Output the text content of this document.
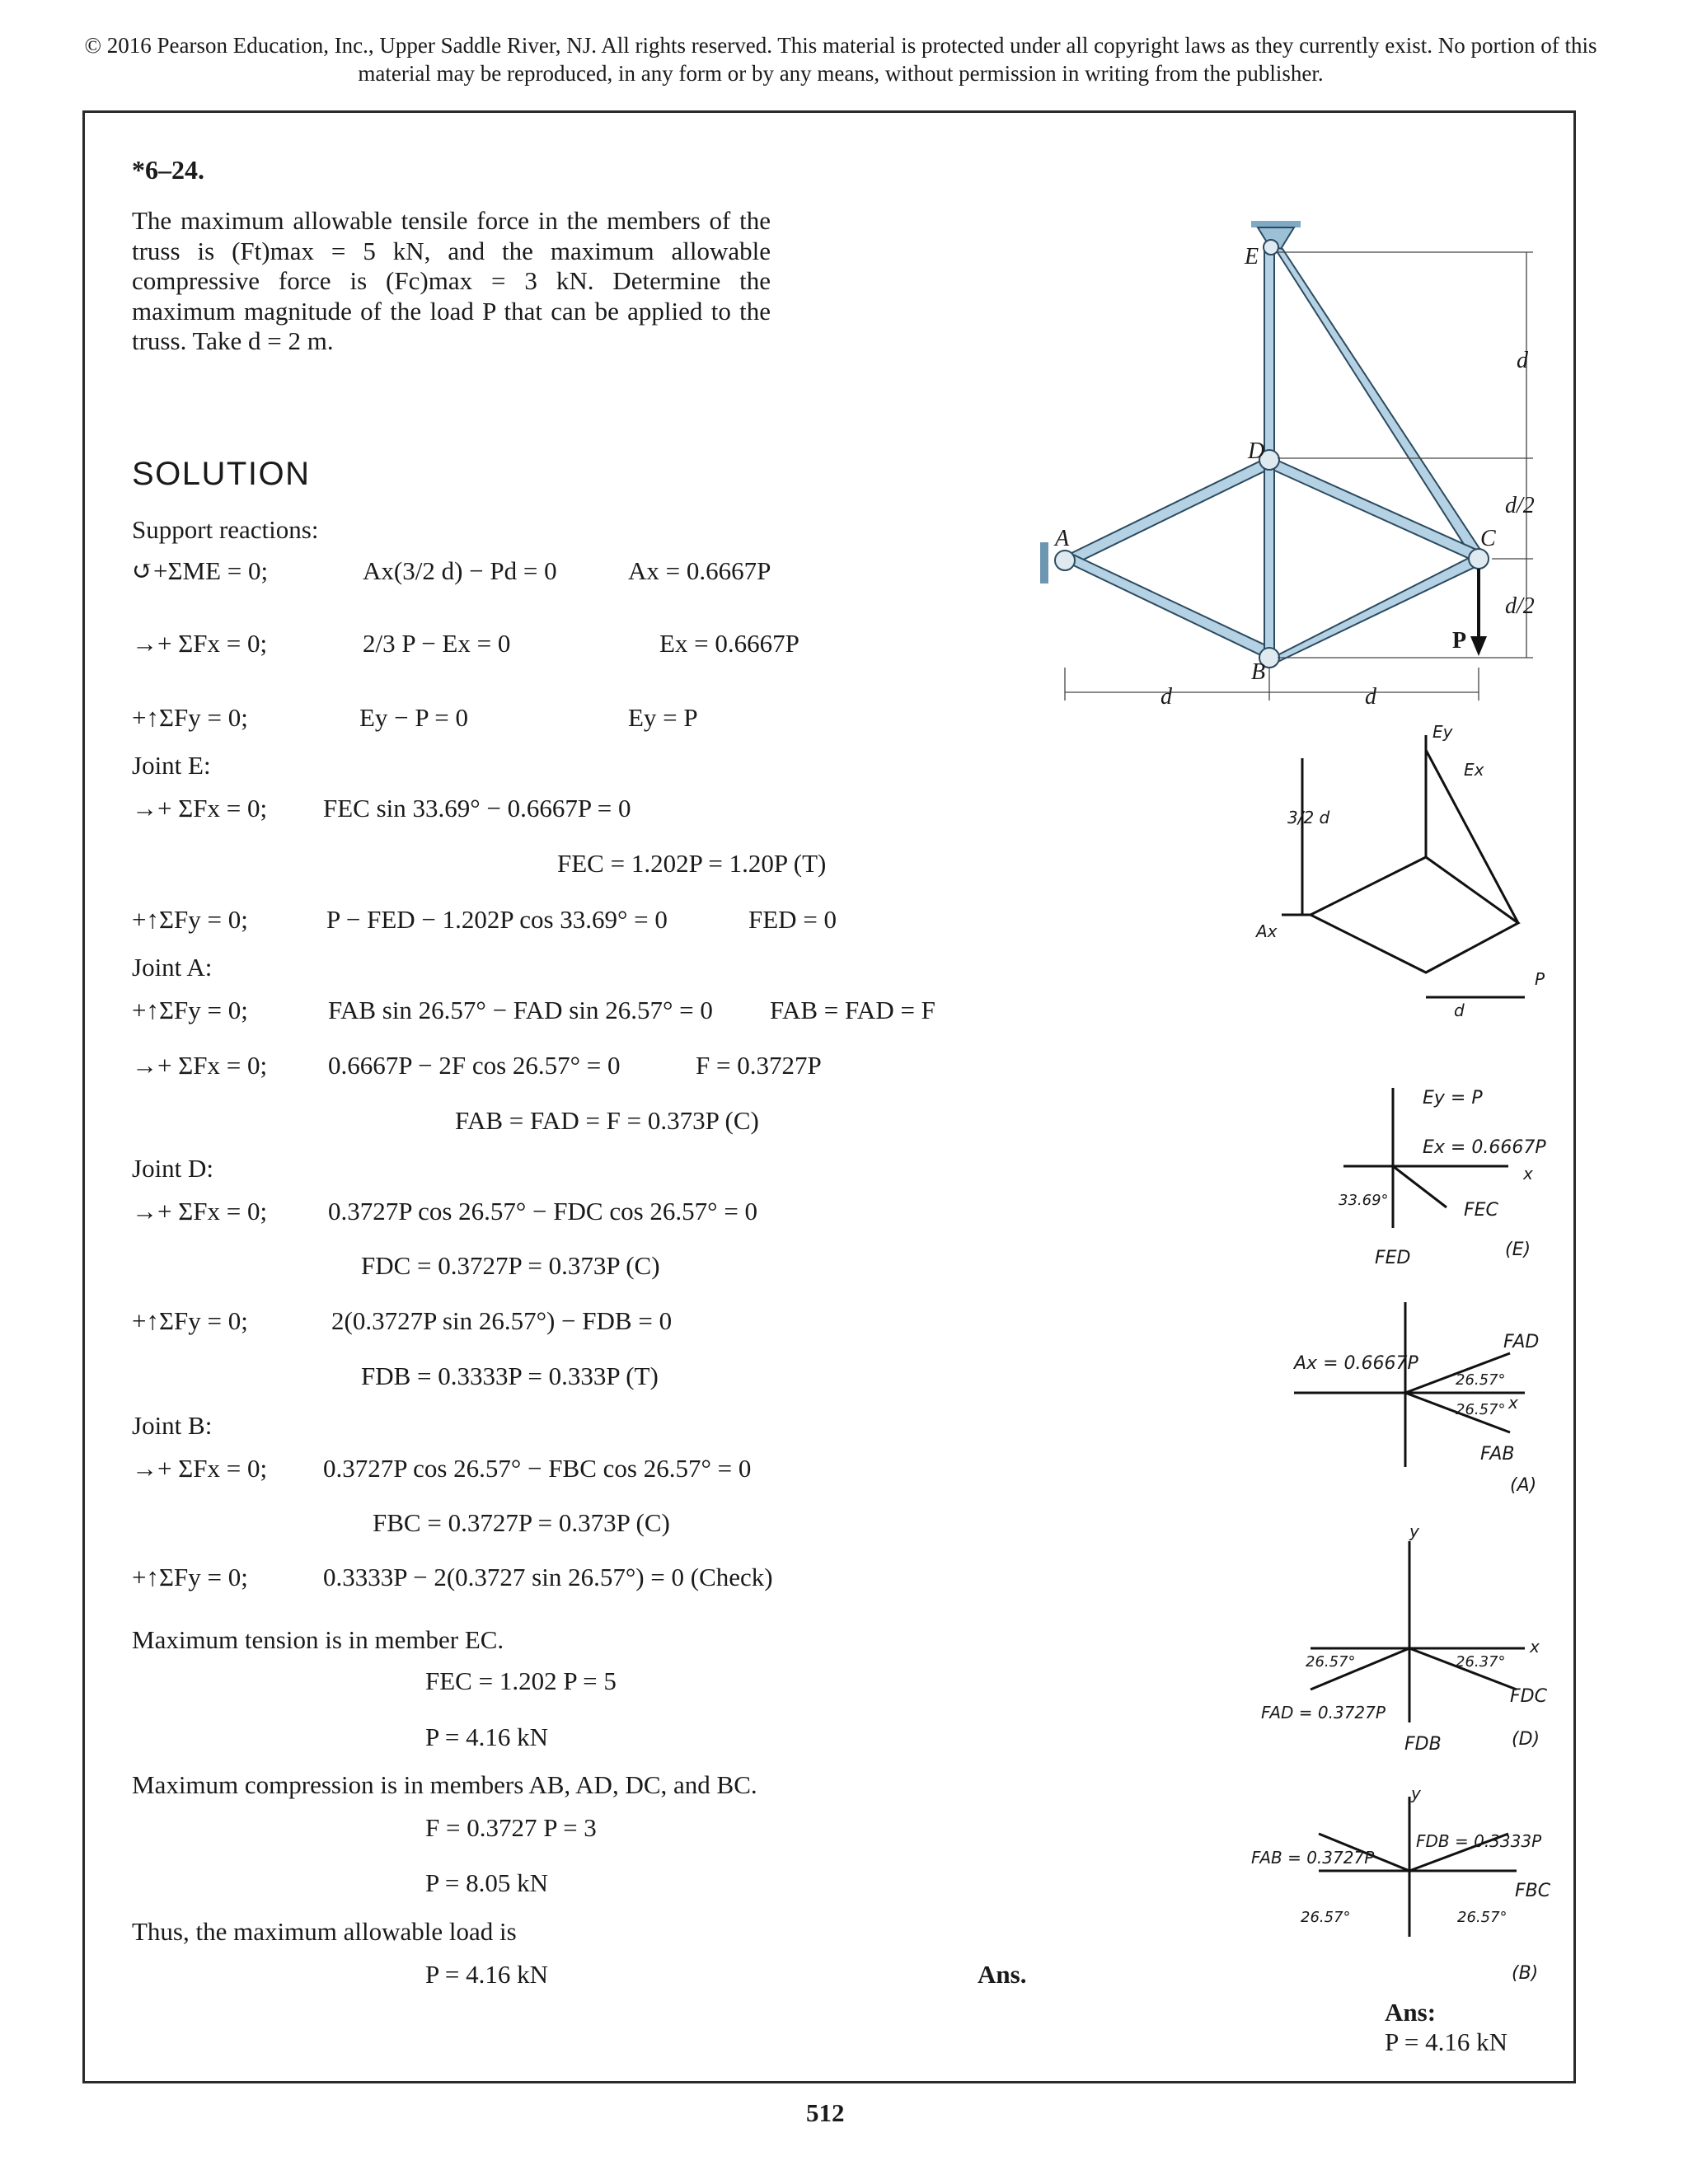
© 2016 Pearson Education, Inc., Upper Saddle River, NJ. All rights reserved. This material is protected under all copyright laws as they currently exist. No portion of this material may be reproduced, in any form or by any means, without permission in writing from the publisher.
*6–24.
The maximum allowable tensile force in the members of the truss is (Ft)max = 5 kN, and the maximum allowable compressive force is (Fc)max = 3 kN. Determine the maximum magnitude of the load P that can be applied to the truss. Take d = 2 m.
SOLUTION
Support reactions:
↺+ΣME = 0;	Ax(3/2 d) − Pd = 0	Ax = 0.6667P
→+ ΣFx = 0;	2/3 P − Ex = 0	Ex = 0.6667P
+↑ΣFy = 0;	Ey − P = 0	Ey = P
Joint E:
→+ ΣFx = 0; FEC sin 33.69° − 0.6667P = 0
FEC = 1.202P = 1.20P (T)
+↑ΣFy = 0;	P − FED − 1.202P cos 33.69° = 0	FED = 0
Joint A:
+↑ΣFy = 0;	FAB sin 26.57° − FAD sin 26.57° = 0 FAB = FAD = F
→+ ΣFx = 0; 0.6667P − 2F cos 26.57° = 0	F = 0.3727P
FAB = FAD = F = 0.373P (C)
Joint D:
→+ ΣFx = 0; 0.3727P cos 26.57° − FDC cos 26.57° = 0
FDC = 0.3727P = 0.373P (C)
+↑ΣFy = 0;	2(0.3727P sin 26.57°) − FDB = 0
FDB = 0.3333P = 0.333P (T)
Joint B:
→+ ΣFx = 0; 0.3727P cos 26.57° − FBC cos 26.57° = 0
FBC = 0.3727P = 0.373P (C)
+↑ΣFy = 0;	0.3333P − 2(0.3727 sin 26.57°) = 0 (Check)
Maximum tension is in member EC.
FEC = 1.202 P = 5
P = 4.16 kN
Maximum compression is in members AB, AD, DC, and BC.
F = 0.3727 P = 3
P = 8.05 kN
Thus, the maximum allowable load is
P = 4.16 kN	Ans.
E
D
A	C
B
P
d
d/2
d/2
d	d
Ey
Ex
3/2 d
Ax
P
d
Ey = P
Ex = 0.6667P
33.69°	FEC
FED	(E)
x
Ax = 0.6667P
FAD
26.57°
26.57°
FAB
(A)
x
26.57°	26.37°
FAD = 0.3727P
FDB
FDC
(D)
x
y
FAB = 0.3727P
FDB = 0.3333P
FBC
26.57°	26.57°
(B)
y
Ans:
P = 4.16 kN
512
